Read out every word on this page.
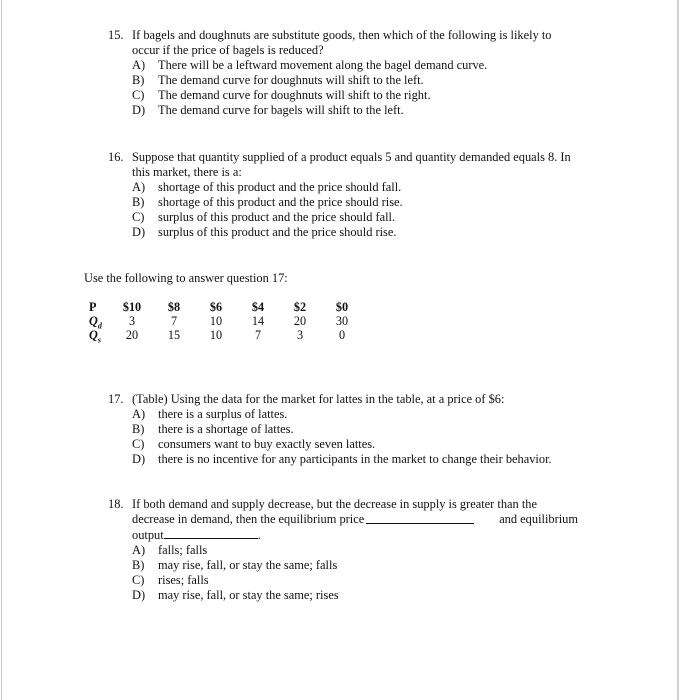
15. If bagels and doughnuts are substitute goods, then which of the following is likely to
occur if the price of bagels is reduced?
A) There will be a leftward movement along the bagel demand curve.
B) The demand curve for doughnuts will shift to the left.
C) The demand curve for doughnuts will shift to the right.
D) The demand curve for bagels will shift to the left.
16. Suppose that quantity supplied of a product equals 5 and quantity demanded equals 8. In
this market, there is a:
A) shortage of this product and the price should fall.
B) shortage of this product and the price should rise.
C) surplus of this product and the price should fall.
D) surplus of this product and the price should rise.
Use the following to answer question 17:
P	$10	$8	$6	$4	$2	$0
$Q_d$	3	7	10	14	20	30
$Q_s$	20	15	10	7	3	0
17. (Table) Using the data for the market for lattes in the table, at a price of $6:
A) there is a surplus of lattes.
B) there is a shortage of lattes.
C) consumers want to buy exactly seven lattes.
D) there is no incentive for any participants in the market to change their behavior.
18. If both demand and supply decrease, but the decrease in supply is greater than the
decrease in demand, then the equilibrium price	and equilibrium
output	.
A) falls; falls
B) may rise, fall, or stay the same; falls
C) rises; falls
D) may rise, fall, or stay the same; rises
